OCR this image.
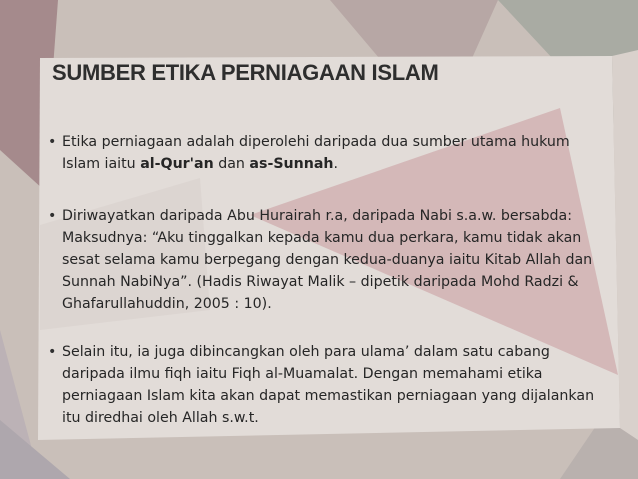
SUMBER ETIKA PERNIAGAAN ISLAM
• Etika perniagaan adalah diperolehi daripada dua sumber utama hukum Islam iaitu al-Qur'an dan as-Sunnah.
• Diriwayatkan daripada Abu Hurairah r.a, daripada Nabi s.a.w. bersabda: Maksudnya: “Aku tinggalkan kepada kamu dua perkara, kamu tidak akan sesat selama kamu berpegang dengan kedua-duanya iaitu Kitab Allah dan Sunnah NabiNya”. (Hadis Riwayat Malik – dipetik daripada Mohd Radzi & Ghafarullahuddin, 2005 : 10).
• Selain itu, ia juga dibincangkan oleh para ulama’ dalam satu cabang daripada ilmu fiqh iaitu Fiqh al-Muamalat. Dengan memahami etika perniagaan Islam kita akan dapat memastikan perniagaan yang dijalankan itu diredhai oleh Allah s.w.t.
